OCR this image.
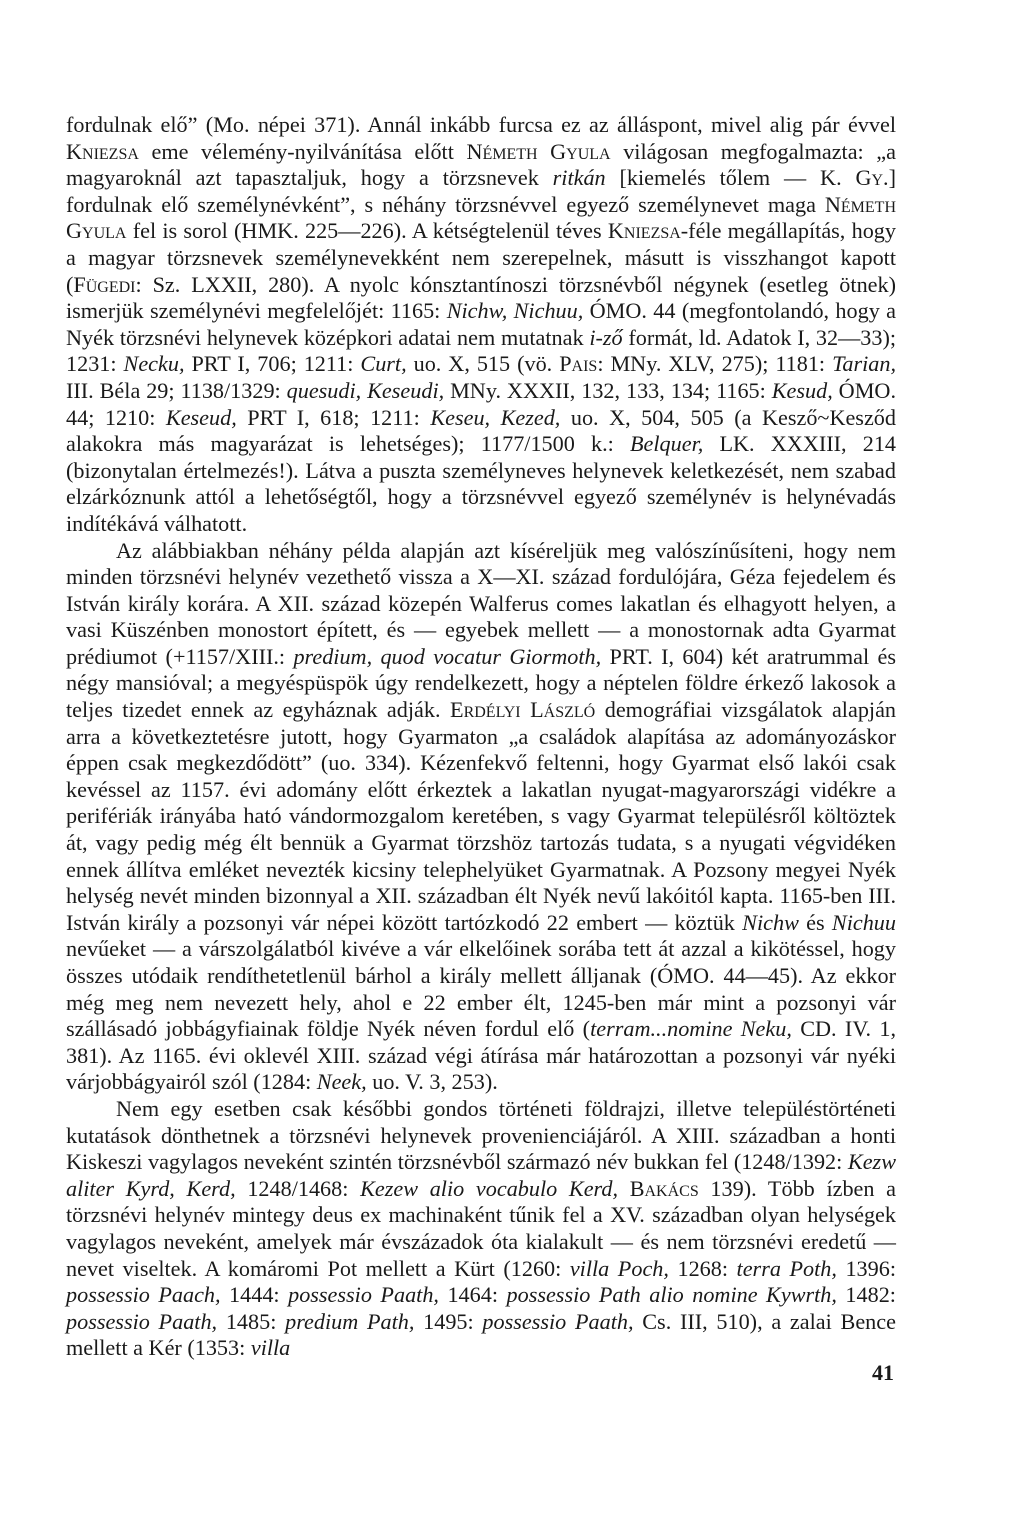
fordulnak elő” (Mo. népei 371). Annál inkább furcsa ez az álláspont, mivel alig pár évvel Kniezsa eme vélemény-nyilvánítása előtt Németh Gyula világosan megfogalmazta: „a magyaroknál azt tapasztaljuk, hogy a törzsnevek ritkán [kiemelés tőlem — K. Gy.] fordulnak elő személynévként”, s néhány törzsnévvel egyező személynevet maga Németh Gyula fel is sorol (HMK. 225—226). A kétségtelenül téves Kniezsa-féle megállapítás, hogy a magyar törzsnevek személynevekként nem szerepelnek, másutt is visszhangot kapott (Fügedi: Sz. LXXII, 280). A nyolc kónsztantínoszi törzsnévből négynek (esetleg ötnek) ismerjük személynévi megfelelőjét: 1165: Nichw, Nichuu, ÓMO. 44 (megfontolandó, hogy a Nyék törzsnévi helynevek középkori adatai nem mutatnak i-ző formát, ld. Adatok I, 32—33); 1231: Necku, PRT I, 706; 1211: Curt, uo. X, 515 (vö. Pais: MNy. XLV, 275); 1181: Tarian, III. Béla 29; 1138/1329: quesudi, Keseudi, MNy. XXXII, 132, 133, 134; 1165: Kesud, ÓMO. 44; 1210: Keseud, PRT I, 618; 1211: Keseu, Kezed, uo. X, 504, 505 (a Kesző~Kesződ alakokra más magyarázat is lehetséges); 1177/1500 k.: Belquer, LK. XXXIII, 214 (bizonytalan értelmezés!). Látva a puszta személyneves helynevek keletkezését, nem szabad elzárkóznunk attól a lehetőségtől, hogy a törzsnévvel egyező személynév is helynévadás indítékává válhatott.

Az alábbiakban néhány példa alapján azt kíséreljük meg valószínűsíteni, hogy nem minden törzsnévi helynév vezethető vissza a X—XI. század fordulójára, Géza fejedelem és István király korára. A XII. század közepén Walferus comes lakatlan és elhagyott helyen, a vasi Küszénben monostort épített, és — egyebek mellett — a monostornak adta Gyarmat prédiumot (+1157/XIII.: predium, quod vocatur Giormoth, PRT. I, 604) két aratrummal és négy mansióval; a megyéspüspök úgy rendelkezett, hogy a néptelen földre érkező lakosok a teljes tizedet ennek az egyháznak adják. Erdélyi László demográfiai vizsgálatok alapján arra a következtetésre jutott, hogy Gyarmaton „a családok alapítása az adományozáskor éppen csak megkezdődött” (uo. 334). Kézenfekvő feltenni, hogy Gyarmat első lakói csak kevéssel az 1157. évi adomány előtt érkeztek a lakatlan nyugat-magyarországi vidékre a perifériák irányába ható vándormozgalom keretében, s vagy Gyarmat településről költöztek át, vagy pedig még élt bennük a Gyarmat törzshöz tartozás tudata, s a nyugati végvidéken ennek állítva emléket nevezték kicsiny telephelyüket Gyarmatnak. A Pozsony megyei Nyék helység nevét minden bizonnyal a XII. században élt Nyék nevű lakóitól kapta. 1165-ben III. István király a pozsonyi vár népei között tartózkodó 22 embert — köztük Nichw és Nichuu nevűeket — a várszolgálatból kivéve a vár elkelőinek sorába tett át azzal a kikötéssel, hogy összes utódaik rendíthetetlenül bárhol a király mellett álljanak (ÓMO. 44—45). Az ekkor még meg nem nevezett hely, ahol e 22 ember élt, 1245-ben már mint a pozsonyi vár szállásadó jobbágyfiainak földje Nyék néven fordul elő (terram...nomine Neku, CD. IV. 1, 381). Az 1165. évi oklevél XIII. század végi átírása már határozottan a pozsonyi vár nyéki várjobbágyairól szól (1284: Neek, uo. V. 3, 253).

Nem egy esetben csak későbbi gondos történeti földrajzi, illetve településtörténeti kutatások dönthetnek a törzsnévi helynevek provenienciájáról. A XIII. században a honti Kiskeszi vagylagos neveként szintén törzsnévből származó név bukkan fel (1248/1392: Kezw aliter Kyrd, Kerd, 1248/1468: Kezew alio vocabulo Kerd, Bakács 139). Több ízben a törzsnévi helynév mintegy deus ex machinaként tűnik fel a XV. században olyan helységek vagylagos neveként, amelyek már évszázadok óta kialakult — és nem törzsnévi eredetű — nevet viseltek. A komáromi Pot mellett a Kürt (1260: villa Poch, 1268: terra Poth, 1396: possessio Paach, 1444: possessio Paath, 1464: possessio Path alio nomine Kywrth, 1482: possessio Paath, 1485: predium Path, 1495: possessio Paath, Cs. III, 510), a zalai Bence mellett a Kér (1353: villa

41
